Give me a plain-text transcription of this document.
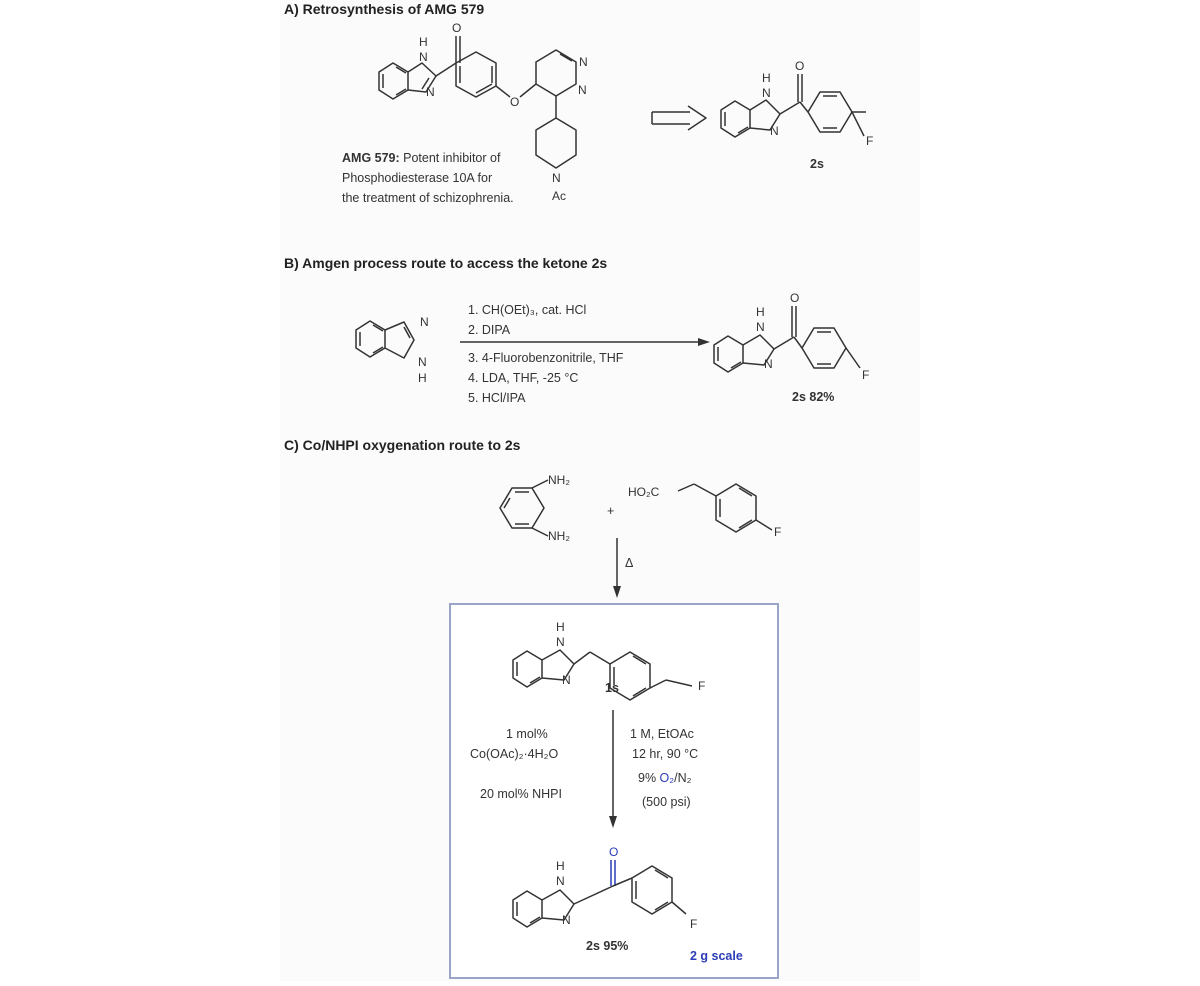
A) Retrosynthesis of AMG 579
H
N
N
O
O
N
N
N
Ac
AMG 579: Potent inhibitor of
Phosphodiesterase 10A for
the treatment of schizophrenia.
H
N
N
O
F
2s
B) Amgen process route to access the ketone 2s
N
N
H
1. CH(OEt)₃, cat. HCl
2. DIPA
3. 4-Fluorobenzonitrile, THF
4. LDA, THF, -25 °C
5. HCl/IPA
H
N
N
O
F
2s 82%
C) Co/NHPI oxygenation route to 2s
NH₂
NH₂
+
HO₂C
F
Δ
H
N
N	F
1s
1 mol%
Co(OAc)₂·4H₂O
20 mol% NHPI
1 M, EtOAc
12 hr, 90 °C
9% O₂/N₂
(500 psi)
H
N
N
O
F
2s 95%
2 g scale
